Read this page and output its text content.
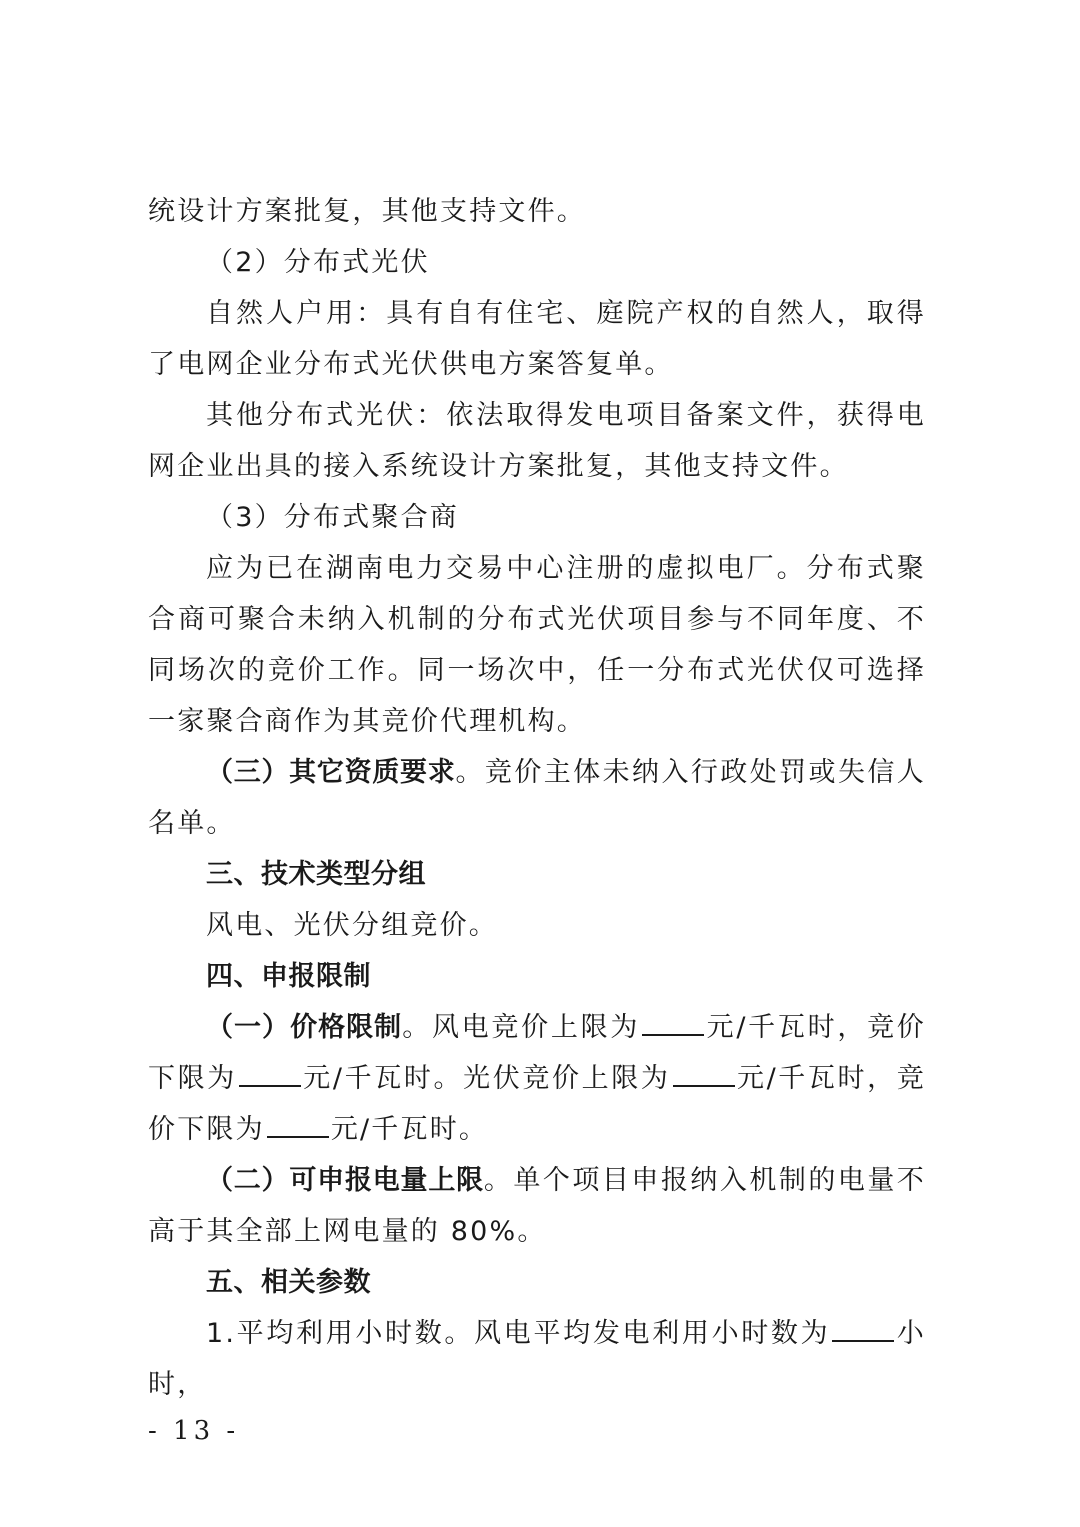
统设计方案批复，其他支持文件。

（2）分布式光伏

自然人户用：具有自有住宅、庭院产权的自然人，取得了电网企业分布式光伏供电方案答复单。

其他分布式光伏：依法取得发电项目备案文件，获得电网企业出具的接入系统设计方案批复，其他支持文件。

（3）分布式聚合商

应为已在湖南电力交易中心注册的虚拟电厂。分布式聚合商可聚合未纳入机制的分布式光伏项目参与不同年度、不同场次的竞价工作。同一场次中，任一分布式光伏仅可选择一家聚合商作为其竞价代理机构。

（三）其它资质要求。竞价主体未纳入行政处罚或失信人名单。

三、技术类型分组

风电、光伏分组竞价。

四、申报限制

（一）价格限制。风电竞价上限为 元/千瓦时，竞价下限为 元/千瓦时。光伏竞价上限为 元/千瓦时，竞价下限为 元/千瓦时。

（二）可申报电量上限。单个项目申报纳入机制的电量不高于其全部上网电量的 80%。

五、相关参数

1.平均利用小时数。风电平均发电利用小时数为 小时，

- 13 -
